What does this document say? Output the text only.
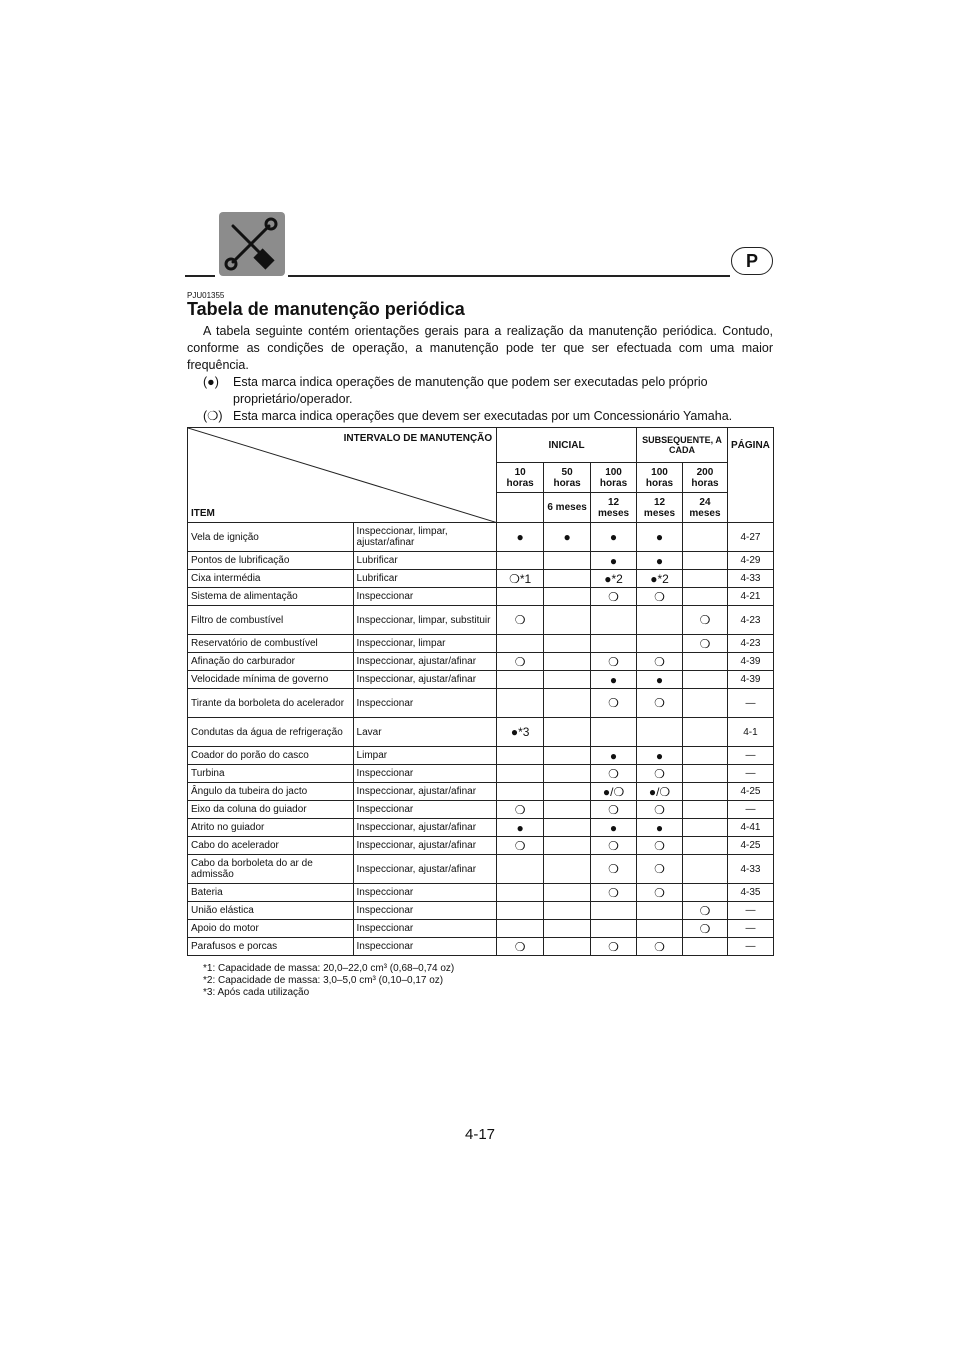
P
PJU01355
Tabela de manutenção periódica

A tabela seguinte contém orientações gerais para a realização da manutenção periódica. Contudo, conforme as condições de operação, a manutenção pode ter que ser efectuada com uma maior frequência.

(●) Esta marca indica operações de manutenção que podem ser executadas pelo próprio proprietário/operador.
(❍) Esta marca indica operações que devem ser executadas por um Concessionário Yamaha.
INTERVALO DE MANUTENÇÃO
ITEM		INICIAL			SUBSEQUENTE, A CADA		PÁGINA
		10 horas	50 horas	100 horas	100 horas	200 horas	
			6 meses	12 meses	12 meses	24 meses	
Vela de ignição	Inspeccionar, limpar, ajustar/afinar	●	●	●	●		4-27
Pontos de lubrificação	Lubrificar			●	●		4-29
Cixa intermédia	Lubrificar	❍*1		●*2	●*2		4-33
Sistema de alimentação	Inspeccionar			❍	❍		4-21
Filtro de combustível	Inspeccionar, limpar, substituir	❍				❍	4-23
Reservatório de combustível	Inspeccionar, limpar					❍	4-23
Afinação do carburador	Inspeccionar, ajustar/afinar	❍		❍	❍		4-39
Velocidade mínima de governo	Inspeccionar, ajustar/afinar			●	●		4-39
Tirante da borboleta do acelerador	Inspeccionar			❍	❍		—
Condutas da água de refrigeração	Lavar	●*3					4-1
Coador do porão do casco	Limpar			●	●		—
Turbina	Inspeccionar			❍	❍		—
Ângulo da tubeira do jacto	Inspeccionar, ajustar/afinar			●/❍	●/❍		4-25
Eixo da coluna do guiador	Inspeccionar	❍		❍	❍		—
Atrito no guiador	Inspeccionar, ajustar/afinar	●		●	●		4-41
Cabo do acelerador	Inspeccionar, ajustar/afinar	❍		❍	❍		4-25
Cabo da borboleta do ar de admissão	Inspeccionar, ajustar/afinar			❍	❍		4-33
Bateria	Inspeccionar			❍	❍		4-35
União elástica	Inspeccionar					❍	—
Apoio do motor	Inspeccionar					❍	—
Parafusos e porcas	Inspeccionar	❍		❍	❍		—
*1: Capacidade de massa: 20,0–22,0 cm³ (0,68–0,74 oz)
*2: Capacidade de massa: 3,0–5,0 cm³ (0,10–0,17 oz)
*3: Após cada utilização
4-17
